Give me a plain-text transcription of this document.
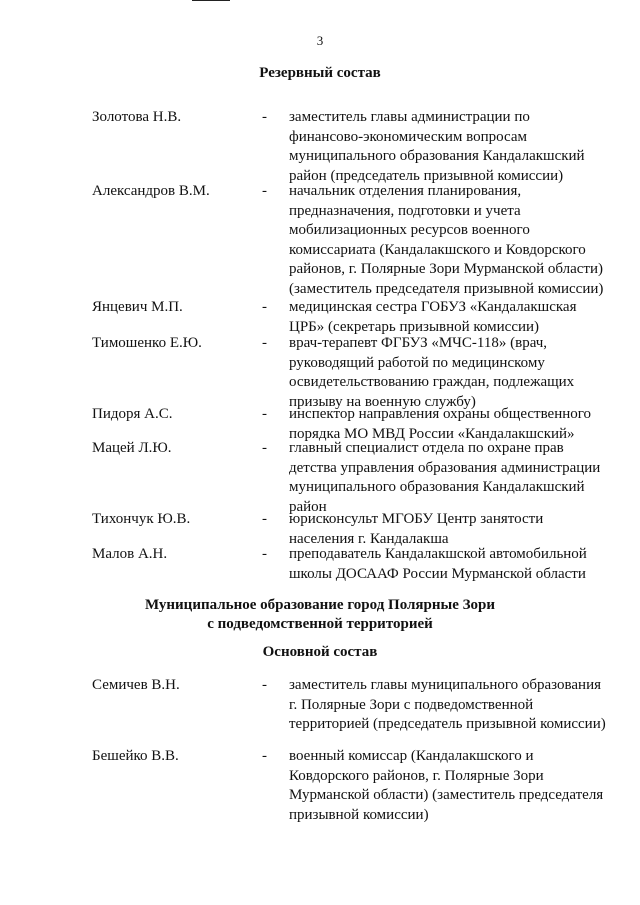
3
Резервный состав
Золотова Н.В.	- заместитель главы администрации по финансово-экономическим вопросам муниципального образования Кандалакшский район (председатель призывной комиссии)
Александров В.М.	- начальник отделения планирования, предназначения, подготовки и учета мобилизационных ресурсов военного комиссариата (Кандалакшского и Ковдорского районов, г. Полярные Зори Мурманской области) (заместитель председателя призывной комиссии)
Янцевич М.П.	- медицинская сестра ГОБУЗ «Кандалакшская ЦРБ» (секретарь призывной комиссии)
Тимошенко Е.Ю.	- врач-терапевт ФГБУЗ «МЧС-118» (врач, руководящий работой по медицинскому освидетельствованию граждан, подлежащих призыву на военную службу)
Пидоря А.С.	- инспектор направления охраны общественного порядка МО МВД России «Кандалакшский»
Мацей Л.Ю.	- главный специалист отдела по охране прав детства управления образования администрации муниципального образования Кандалакшский район
Тихончук Ю.В.	- юрисконсульт МГОБУ Центр занятости населения г. Кандалакша
Малов А.Н.	- преподаватель Кандалакшской автомобильной школы ДОСААФ России Мурманской области
Муниципальное образование город Полярные Зори
с подведомственной территорией
Основной состав
Семичев В.Н.	- заместитель главы муниципального образования г. Полярные Зори с подведомственной территорией (председатель призывной комиссии)
Бешейко В.В.	- военный комиссар (Кандалакшского и Ковдорского районов, г. Полярные Зори Мурманской области) (заместитель председателя призывной комиссии)
